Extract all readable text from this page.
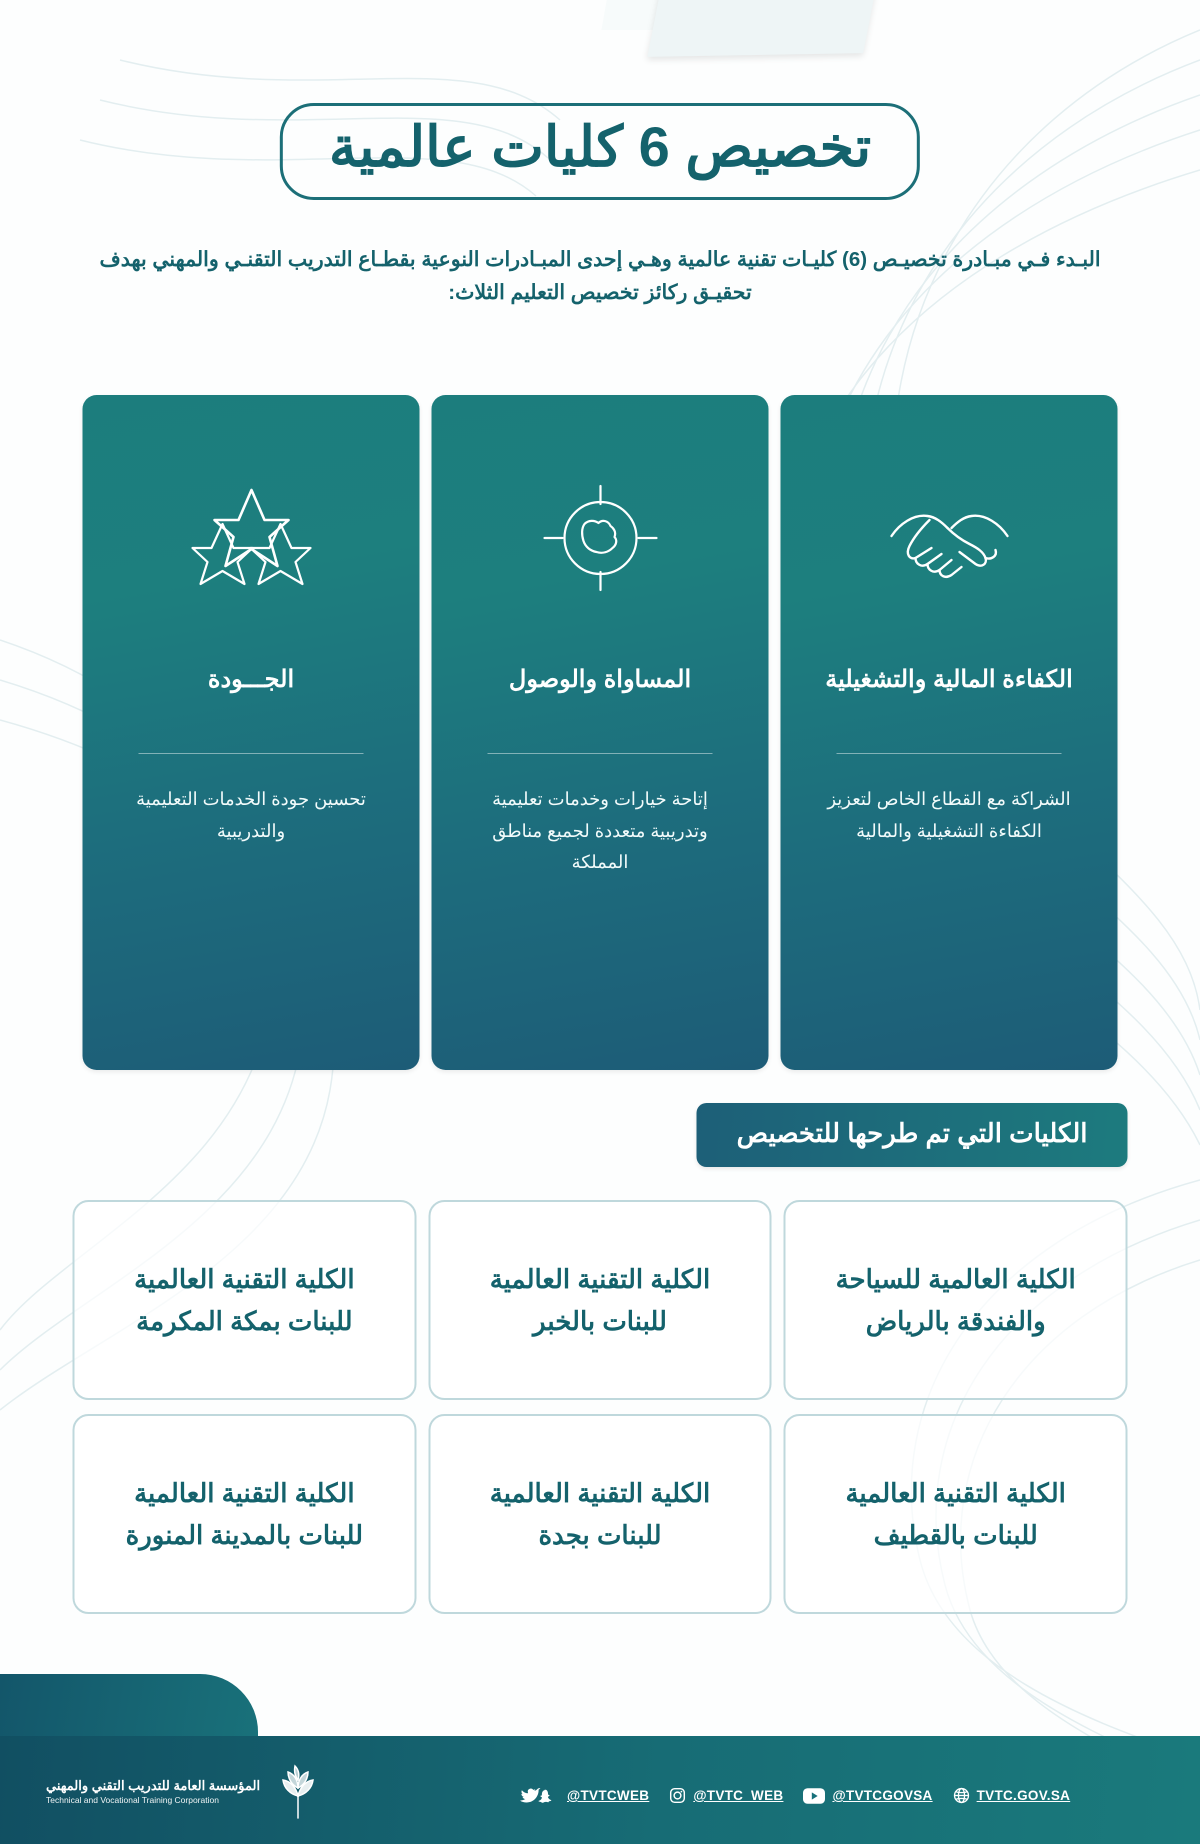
تخصيص 6 كليات عالمية
البـدء فـي مبـادرة تخصيـص (6) كليـات تقنية عالمية وهـي إحدى المبـادرات النوعية بقطـاع التدريب التقنـي والمهني بهدف تحقيـق ركائز تخصيص التعليم الثلاث:
الكفاءة المالية والتشغيلية
الشراكة مع القطاع الخاص لتعزيز الكفاءة التشغيلية والمالية
المساواة والوصول
إتاحة خيارات وخدمات تعليمية وتدريبية متعددة لجميع مناطق المملكة
الجـــودة
تحسين جودة الخدمات التعليمية والتدريبية
الكليات التي تم طرحها للتخصيص
الكلية العالمية للسياحة والفندقة بالرياض
الكلية التقنية العالمية للبنات بالخبر
الكلية التقنية العالمية للبنات بمكة المكرمة
الكلية التقنية العالمية للبنات بالقطيف
الكلية التقنية العالمية للبنات بجدة
الكلية التقنية العالمية للبنات بالمدينة المنورة
المؤسسة العامة للتدريب التقني والمهني
Technical and Vocational Training Corporation	@TVTCWEB	@TVTC_WEB	@TVTCGOVSA	TVTC.GOV.SA
